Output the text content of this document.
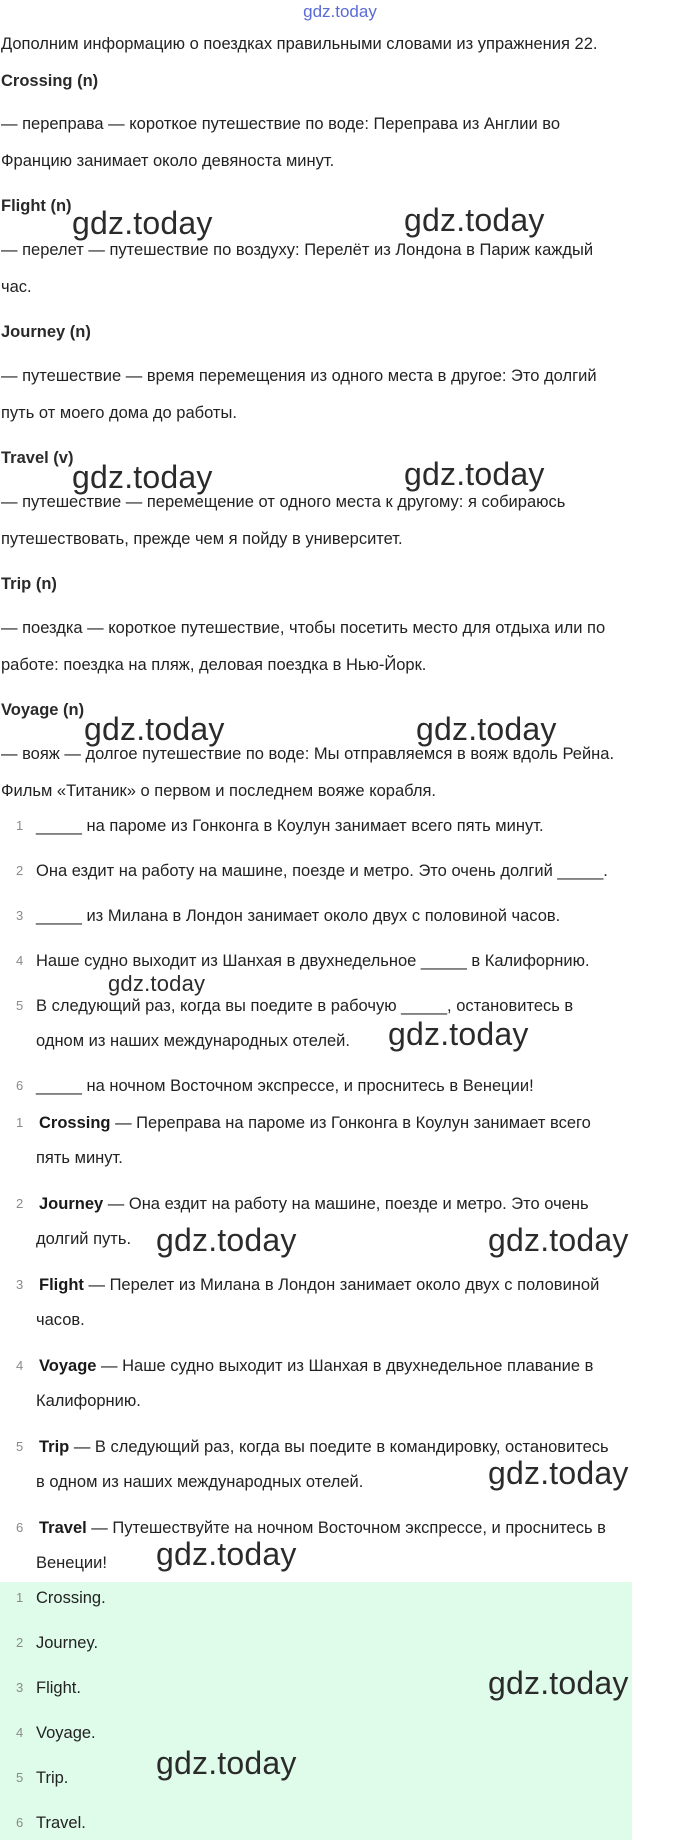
gdz.today
Дополним информацию о поездках правильными словами из упражнения 22.
Crossing (n)
— переправа — короткое путешествие по воде: Переправа из Англии во
Францию занимает около девяноста минут.
Flight (n)
— перелет — путешествие по воздуху: Перелёт из Лондона в Париж каждый
час.
Journey (n)
— путешествие — время перемещения из одного места в другое: Это долгий
путь от моего дома до работы.
Travel (v)
— путешествие — перемещение от одного места к другому: я собираюсь
путешествовать, прежде чем я пойду в университет.
Trip (n)
— поездка — короткое путешествие, чтобы посетить место для отдыха или по
работе: поездка на пляж, деловая поездка в Нью-Йорк.
Voyage (n)
— вояж — долгое путешествие по воде: Мы отправляемся в вояж вдоль Рейна.
Фильм «Титаник» о первом и последнем вояже корабля.
1 _____ на пароме из Гонконга в Коулун занимает всего пять минут.
2 Она ездит на работу на машине, поезде и метро. Это очень долгий _____.
3 _____ из Милана в Лондон занимает около двух с половиной часов.
4 Наше судно выходит из Шанхая в двухнедельное _____ в Калифорнию.
5 В следующий раз, когда вы поедите в рабочую _____, остановитесь в
одном из наших международных отелей.
6 _____ на ночном Восточном экспрессе, и проснитесь в Венеции!
1 Crossing — Переправа на пароме из Гонконга в Коулун занимает всего
пять минут.
2 Journey — Она ездит на работу на машине, поезде и метро. Это очень
долгий путь.
3 Flight — Перелет из Милана в Лондон занимает около двух с половиной
часов.
4 Voyage — Наше судно выходит из Шанхая в двухнедельное плавание в
Калифорнию.
5 Trip — В следующий раз, когда вы поедите в командировку, остановитесь
в одном из наших международных отелей.
6 Travel — Путешествуйте на ночном Восточном экспрессе, и проснитесь в
Венеции!
1 Crossing.
2 Journey.
3 Flight.
4 Voyage.
5 Trip.
6 Travel.
gdz.today	gdz.today
gdz.today	gdz.today
gdz.today	gdz.today
gdz.today
gdz.today
gdz.today	gdz.today
gdz.today
gdz.today
gdz.today
gdz.today
